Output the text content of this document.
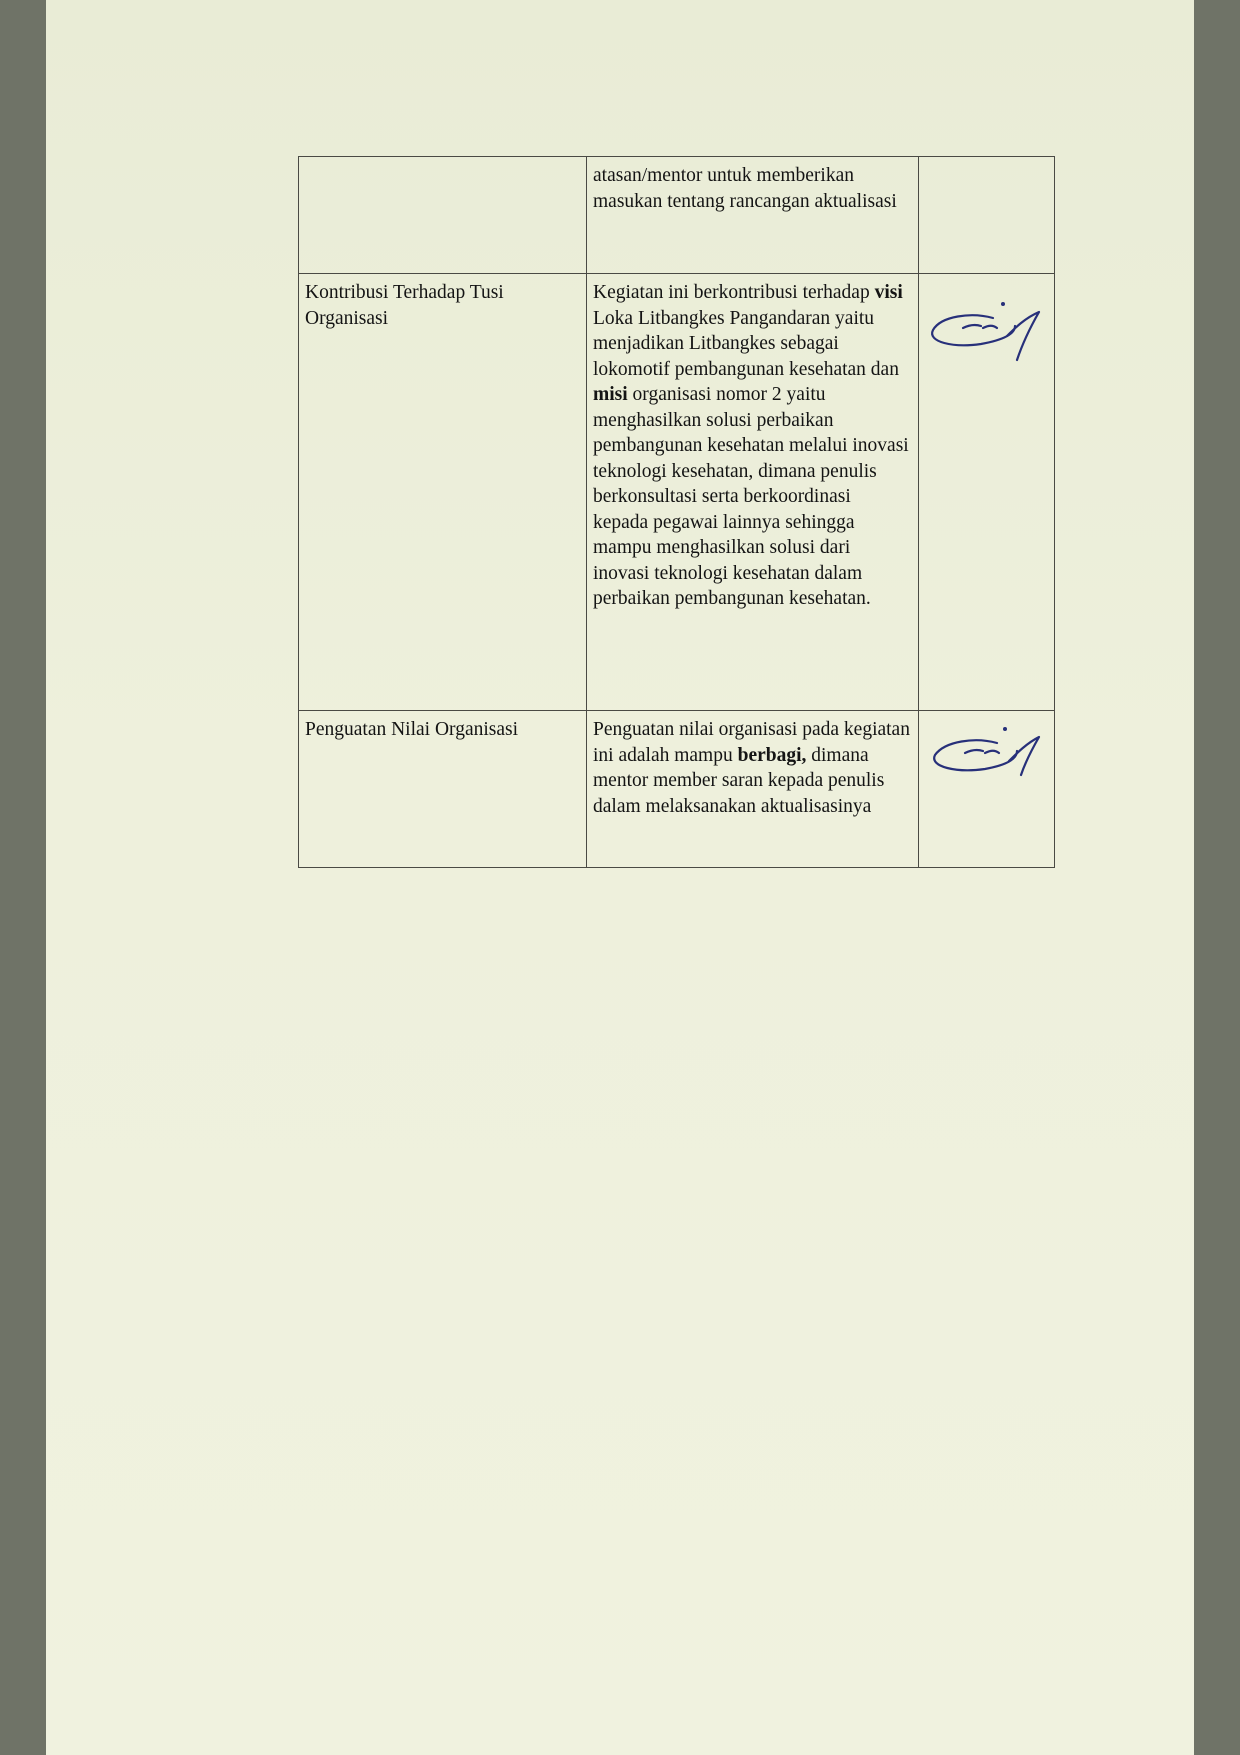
	atasan/mentor untuk memberikan masukan tentang rancangan aktualisasi	
Kontribusi Terhadap Tusi Organisasi	Kegiatan ini berkontribusi terhadap visi Loka Litbangkes Pangandaran yaitu menjadikan Litbangkes sebagai lokomotif pembangunan kesehatan dan misi organisasi nomor 2 yaitu menghasilkan solusi perbaikan pembangunan kesehatan melalui inovasi teknologi kesehatan, dimana penulis berkonsultasi serta berkoordinasi kepada pegawai lainnya sehingga mampu menghasilkan solusi dari inovasi teknologi kesehatan dalam perbaikan pembangunan kesehatan.	

Penguatan Nilai Organisasi	Penguatan nilai organisasi pada kegiatan ini adalah mampu berbagi, dimana mentor member saran kepada penulis dalam melaksanakan aktualisasinya	
